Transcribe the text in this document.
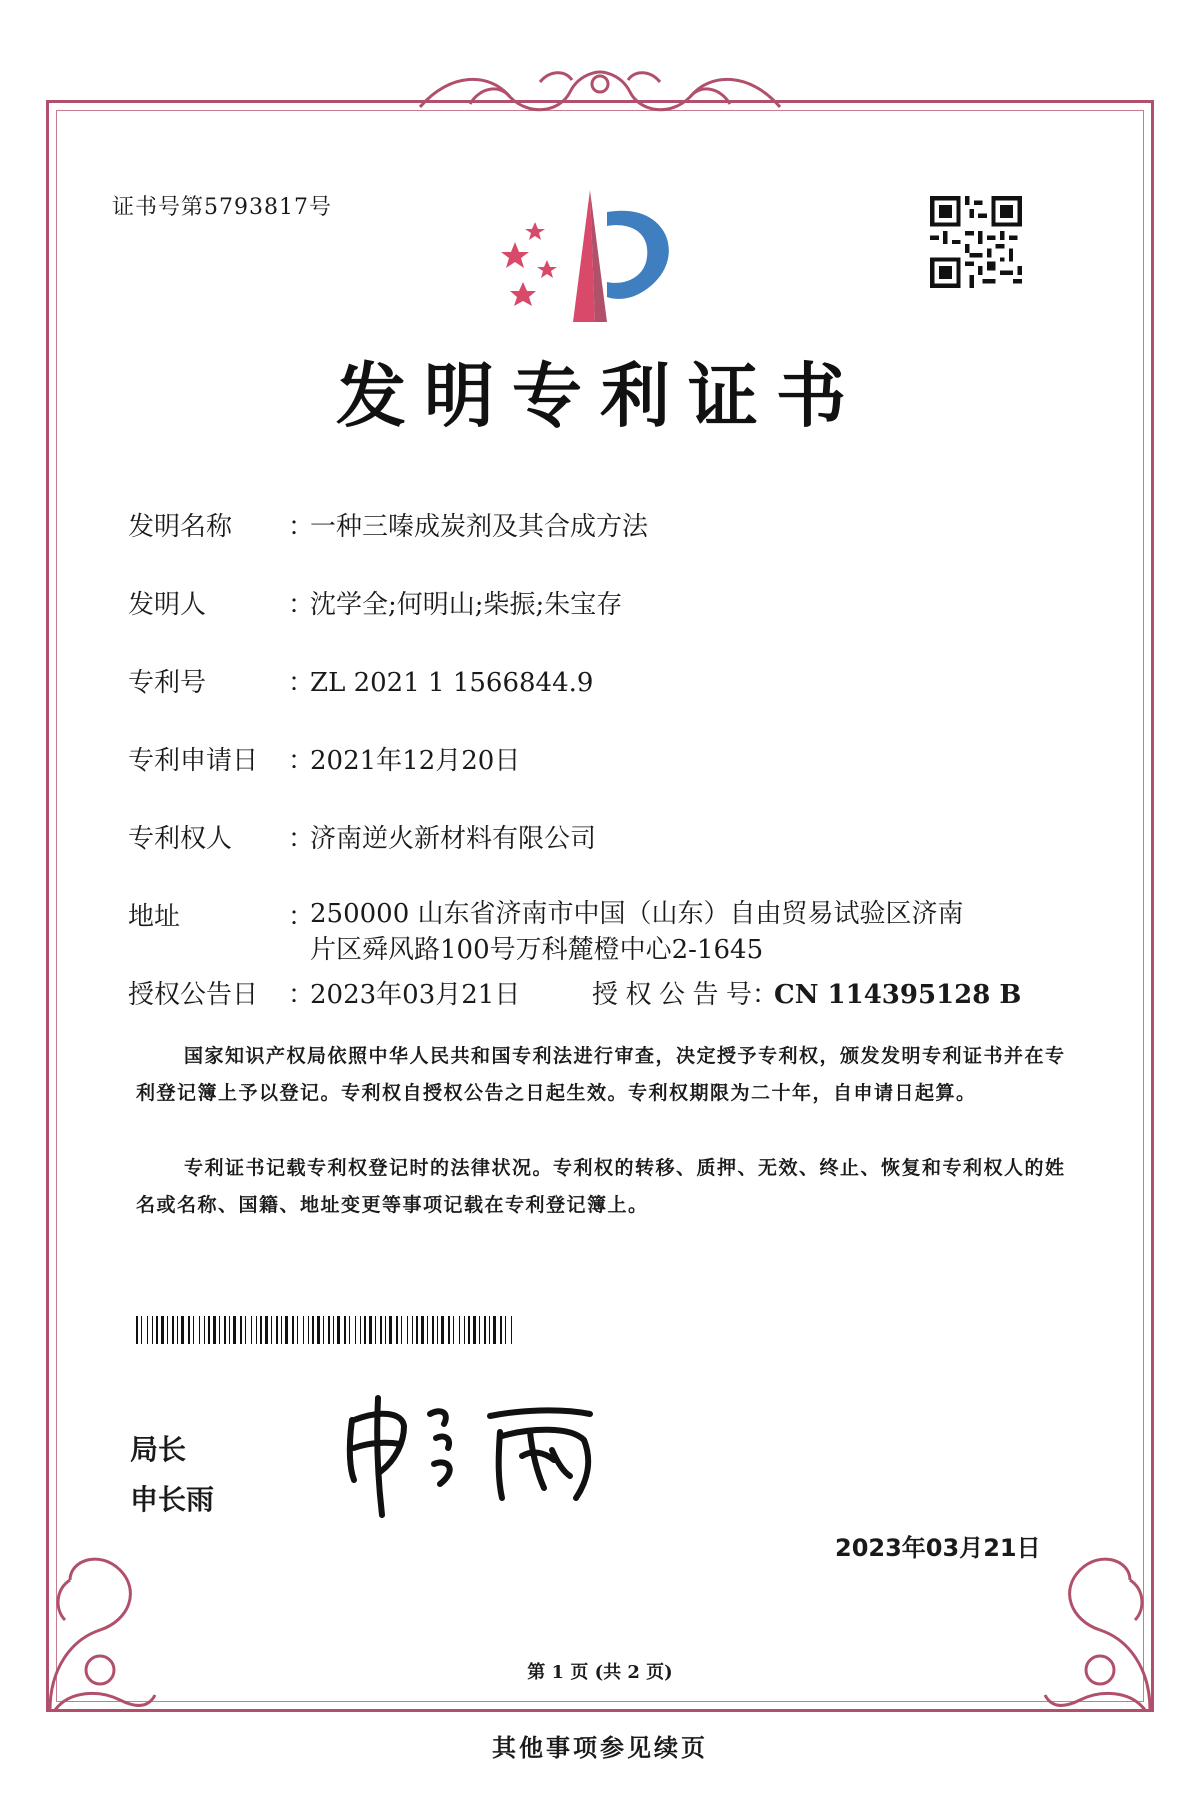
证书号第5793817号
发明专利证书
发明名称 ：一种三嗪成炭剂及其合成方法
发明人	：沈学全;何明山;柴振;朱宝存
专利号	：ZL 2021 1 1566844.9
专利申请日 ：2021年12月20日
专利权人 ：济南逆火新材料有限公司
地址	：250000 山东省济南市中国（山东）自由贸易试验区济南
片区舜风路100号万科麓橙中心2-1645
授权公告日 ：2023年03月21日	授 权 公 告 号 ：CN 114395128 B
国家知识产权局依照中华人民共和国专利法进行审查，决定授予专利权，颁发发明专利证书并在专利登记簿上予以登记。专利权自授权公告之日起生效。专利权期限为二十年，自申请日起算。
专利证书记载专利权登记时的法律状况。专利权的转移、质押、无效、终止、恢复和专利权人的姓名或名称、国籍、地址变更等事项记载在专利登记簿上。
局长
申长雨
2023年03月21日
第 1 页 (共 2 页)
其他事项参见续页
